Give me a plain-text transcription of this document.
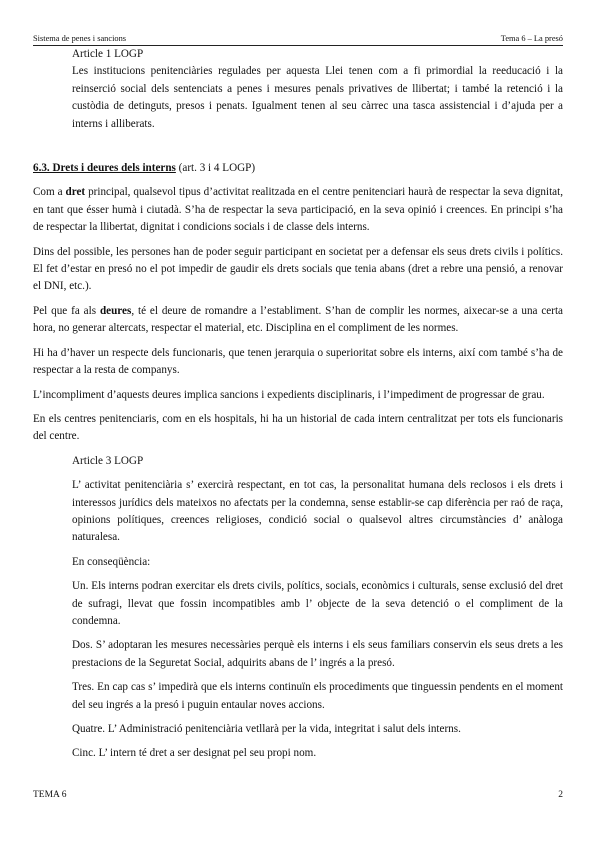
Sistema de penes i sancions	Tema 6 – La presó

Article 1 LOGP

Les institucions penitenciàries regulades per aquesta Llei tenen com a fi primordial la reeducació i la reinserció social dels sentenciats a penes i mesures penals privatives de llibertat; i també la retenció i la custòdia de detinguts, presos i penats. Igualment tenen al seu càrrec una tasca assistencial i d’ajuda per a interns i alliberats.

6.3. Drets i deures dels interns (art. 3 i 4 LOGP)

Com a dret principal, qualsevol tipus d’activitat realitzada en el centre penitenciari haurà de respectar la seva dignitat, en tant que ésser humà i ciutadà. S’ha de respectar la seva participació, en la seva opinió i creences. En principi s’ha de respectar la llibertat, dignitat i condicions socials i de classe dels interns.

Dins del possible, les persones han de poder seguir participant en societat per a defensar els seus drets civils i polítics. El fet d’estar en presó no el pot impedir de gaudir els drets socials que tenia abans (dret a rebre una pensió, a renovar el DNI, etc.).

Pel que fa als deures, té el deure de romandre a l’establiment. S’han de complir les normes, aixecar-se a una certa hora, no generar altercats, respectar el material, etc. Disciplina en el compliment de les normes.

Hi ha d’haver un respecte dels funcionaris, que tenen jerarquia o superioritat sobre els interns, així com també s’ha de respectar a la resta de companys.

L’incompliment d’aquests deures implica sancions i expedients disciplinaris, i l’impediment de progressar de grau.

En els centres penitenciaris, com en els hospitals, hi ha un historial de cada intern centralitzat per tots els funcionaris del centre.

Article 3 LOGP

L’ activitat penitenciària s’ exercirà respectant, en tot cas, la personalitat humana dels reclosos i els drets i interessos jurídics dels mateixos no afectats per la condemna, sense establir-se cap diferència per raó de raça, opinions polítiques, creences religioses, condició social o qualsevol altres circumstàncies d’ anàloga naturalesa.

En conseqüència:

Un. Els interns podran exercitar els drets civils, polítics, socials, econòmics i culturals, sense exclusió del dret de sufragi, llevat que fossin incompatibles amb l’ objecte de la seva detenció o el compliment de la condemna.

Dos. S’ adoptaran les mesures necessàries perquè els interns i els seus familiars conservin els seus drets a les prestacions de la Seguretat Social, adquirits abans de l’ ingrés a la presó.

Tres. En cap cas s’ impedirà que els interns continuïn els procediments que tinguessin pendents en el moment del seu ingrés a la presó i puguin entaular noves accions.

Quatre. L’ Administració penitenciària vetllarà per la vida, integritat i salut dels interns.

Cinc. L’ intern té dret a ser designat pel seu propi nom.

TEMA 6	2
